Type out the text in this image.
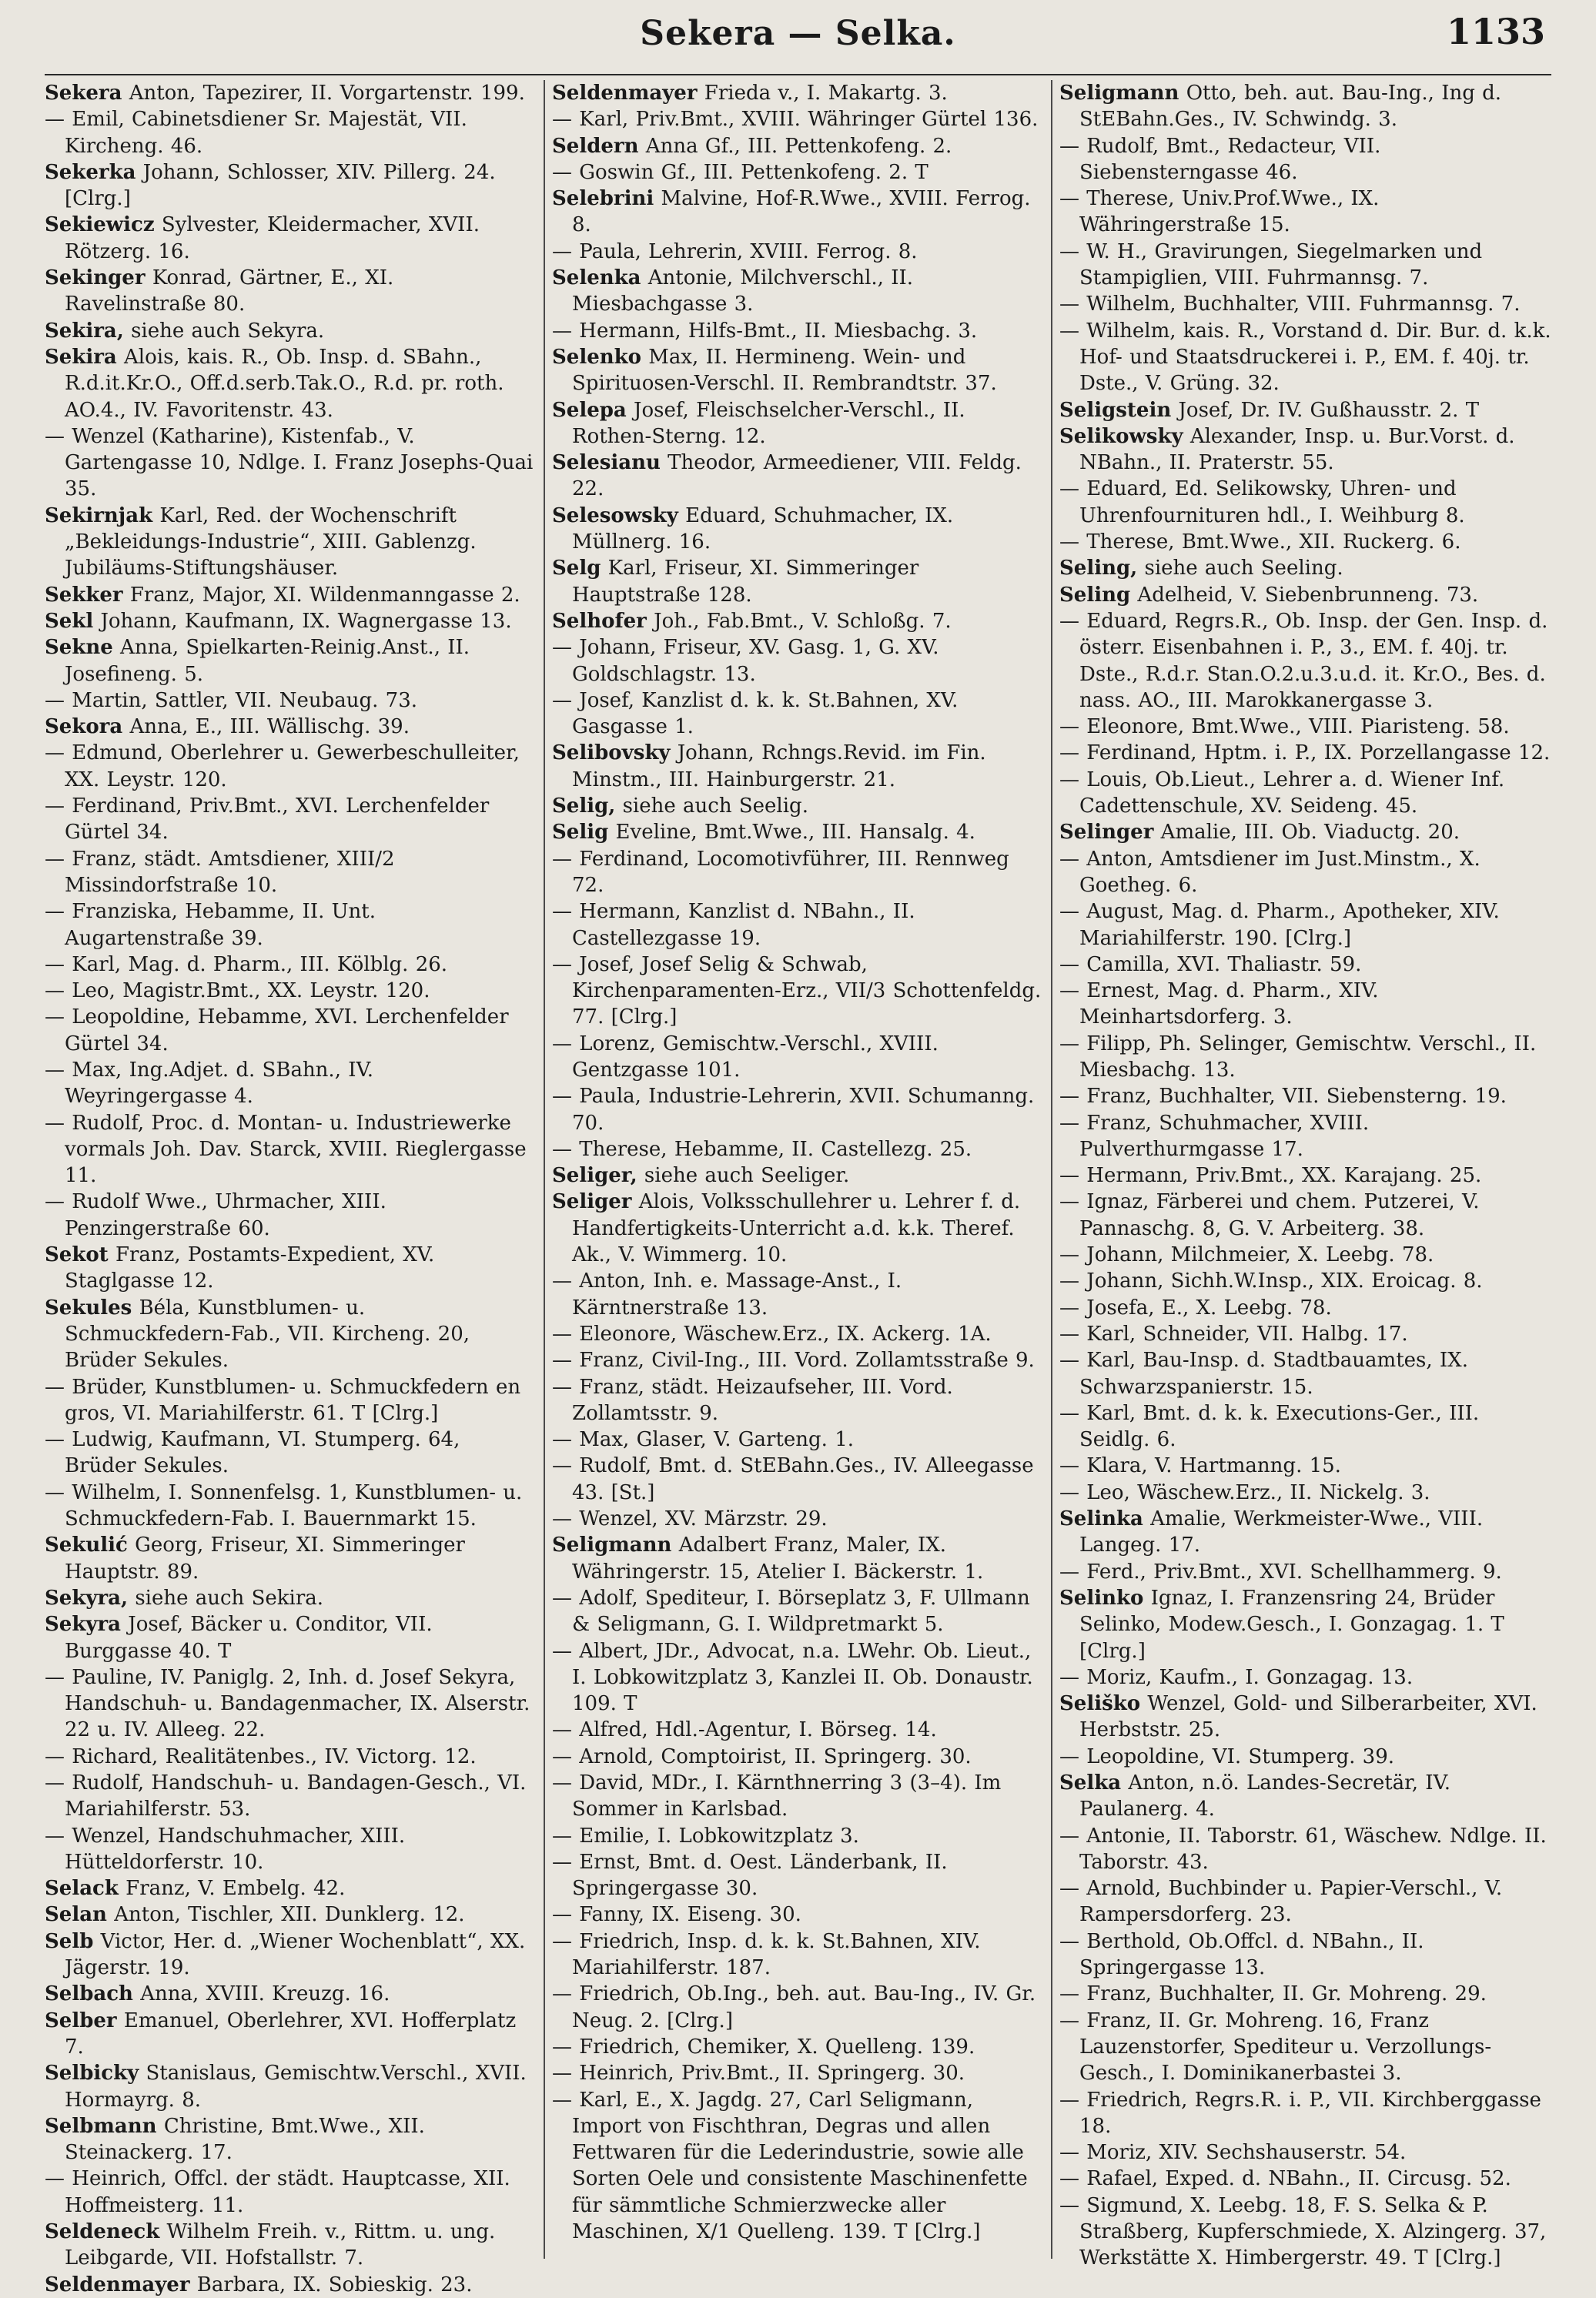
Sekera — Selka.	1133

Sekera Anton, Tapezirer, II. Vorgartenstr. 199.

— Emil, Cabinetsdiener Sr. Majestät, VII. Kircheng. 46.

Sekerka Johann, Schlosser, XIV. Pillerg. 24. [Clrg.]

Sekiewicz Sylvester, Kleidermacher, XVII. Rötzerg. 16.

Sekinger Konrad, Gärtner, E., XI. Ravelinstraße 80.

Sekira, siehe auch Sekyra.

Sekira Alois, kais. R., Ob. Insp. d. SBahn., R.d.it.Kr.O., Off.d.serb.Tak.O., R.d. pr. roth. AO.4., IV. Favoritenstr. 43.

— Wenzel (Katharine), Kistenfab., V. Gartengasse 10, Ndlge. I. Franz Josephs-Quai 35.

Sekirnjak Karl, Red. der Wochenschrift „Bekleidungs-Industrie“, XIII. Gablenzg. Jubiläums-Stiftungshäuser.

Sekker Franz, Major, XI. Wildenmanngasse 2.

Sekl Johann, Kaufmann, IX. Wagnergasse 13.

Sekne Anna, Spielkarten-Reinig.Anst., II. Josefineng. 5.

— Martin, Sattler, VII. Neubaug. 73.

Sekora Anna, E., III. Wällischg. 39.

— Edmund, Oberlehrer u. Gewerbeschulleiter, XX. Leystr. 120.

— Ferdinand, Priv.Bmt., XVI. Lerchenfelder Gürtel 34.

— Franz, städt. Amtsdiener, XIII/2 Missindorfstraße 10.

— Franziska, Hebamme, II. Unt. Augartenstraße 39.

— Karl, Mag. d. Pharm., III. Kölblg. 26.

— Leo, Magistr.Bmt., XX. Leystr. 120.

— Leopoldine, Hebamme, XVI. Lerchenfelder Gürtel 34.

— Max, Ing.Adjet. d. SBahn., IV. Weyringergasse 4.

— Rudolf, Proc. d. Montan- u. Industriewerke vormals Joh. Dav. Starck, XVIII. Rieglergasse 11.

— Rudolf Wwe., Uhrmacher, XIII. Penzingerstraße 60.

Sekot Franz, Postamts-Expedient, XV. Staglgasse 12.

Sekules Béla, Kunstblumen- u. Schmuckfedern-Fab., VII. Kircheng. 20, Brüder Sekules.

— Brüder, Kunstblumen- u. Schmuckfedern en gros, VI. Mariahilferstr. 61. T [Clrg.]

— Ludwig, Kaufmann, VI. Stumperg. 64, Brüder Sekules.

— Wilhelm, I. Sonnenfelsg. 1, Kunstblumen- u. Schmuckfedern-Fab. I. Bauernmarkt 15.

Sekulić Georg, Friseur, XI. Simmeringer Hauptstr. 89.

Sekyra, siehe auch Sekira.

Sekyra Josef, Bäcker u. Conditor, VII. Burggasse 40. T

— Pauline, IV. Paniglg. 2, Inh. d. Josef Sekyra, Handschuh- u. Bandagenmacher, IX. Alserstr. 22 u. IV. Alleeg. 22.

— Richard, Realitätenbes., IV. Victorg. 12.

— Rudolf, Handschuh- u. Bandagen-Gesch., VI. Mariahilferstr. 53.

— Wenzel, Handschuhmacher, XIII. Hütteldorferstr. 10.

Selack Franz, V. Embelg. 42.

Selan Anton, Tischler, XII. Dunklerg. 12.

Selb Victor, Her. d. „Wiener Wochenblatt“, XX. Jägerstr. 19.

Selbach Anna, XVIII. Kreuzg. 16.

Selber Emanuel, Oberlehrer, XVI. Hofferplatz 7.

Selbicky Stanislaus, Gemischtw.Verschl., XVII. Hormayrg. 8.

Selbmann Christine, Bmt.Wwe., XII. Steinackerg. 17.

— Heinrich, Offcl. der städt. Hauptcasse, XII. Hoffmeisterg. 11.

Seldeneck Wilhelm Freih. v., Rittm. u. ung. Leibgarde, VII. Hofstallstr. 7.

Seldenmayer Barbara, IX. Sobieskig. 23.

Seldenmayer Frieda v., I. Makartg. 3.

— Karl, Priv.Bmt., XVIII. Währinger Gürtel 136.

Seldern Anna Gf., III. Pettenkofeng. 2.

— Goswin Gf., III. Pettenkofeng. 2. T

Selebrini Malvine, Hof-R.Wwe., XVIII. Ferrog. 8.

— Paula, Lehrerin, XVIII. Ferrog. 8.

Selenka Antonie, Milchverschl., II. Miesbachgasse 3.

— Hermann, Hilfs-Bmt., II. Miesbachg. 3.

Selenko Max, II. Hermineng. Wein- und Spirituosen-Verschl. II. Rembrandtstr. 37.

Selepa Josef, Fleischselcher-Verschl., II. Rothen-Sterng. 12.

Selesianu Theodor, Armeediener, VIII. Feldg. 22.

Selesowsky Eduard, Schuhmacher, IX. Müllnerg. 16.

Selg Karl, Friseur, XI. Simmeringer Hauptstraße 128.

Selhofer Joh., Fab.Bmt., V. Schloßg. 7.

— Johann, Friseur, XV. Gasg. 1, G. XV. Goldschlagstr. 13.

— Josef, Kanzlist d. k. k. St.Bahnen, XV. Gasgasse 1.

Selibovsky Johann, Rchngs.Revid. im Fin. Minstm., III. Hainburgerstr. 21.

Selig, siehe auch Seelig.

Selig Eveline, Bmt.Wwe., III. Hansalg. 4.

— Ferdinand, Locomotivführer, III. Rennweg 72.

— Hermann, Kanzlist d. NBahn., II. Castellezgasse 19.

— Josef, Josef Selig & Schwab, Kirchenparamenten-Erz., VII/3 Schottenfeldg. 77. [Clrg.]

— Lorenz, Gemischtw.-Verschl., XVIII. Gentzgasse 101.

— Paula, Industrie-Lehrerin, XVII. Schumanng. 70.

— Therese, Hebamme, II. Castellezg. 25.

Seliger, siehe auch Seeliger.

Seliger Alois, Volksschullehrer u. Lehrer f. d. Handfertigkeits-Unterricht a.d. k.k. Theref. Ak., V. Wimmerg. 10.

— Anton, Inh. e. Massage-Anst., I. Kärntnerstraße 13.

— Eleonore, Wäschew.Erz., IX. Ackerg. 1A.

— Franz, Civil-Ing., III. Vord. Zollamtsstraße 9.

— Franz, städt. Heizaufseher, III. Vord. Zollamtsstr. 9.

— Max, Glaser, V. Garteng. 1.

— Rudolf, Bmt. d. StEBahn.Ges., IV. Alleegasse 43. [St.]

— Wenzel, XV. Märzstr. 29.

Seligmann Adalbert Franz, Maler, IX. Währingerstr. 15, Atelier I. Bäckerstr. 1.

— Adolf, Spediteur, I. Börseplatz 3, F. Ullmann & Seligmann, G. I. Wildpretmarkt 5.

— Albert, JDr., Advocat, n.a. LWehr. Ob. Lieut., I. Lobkowitzplatz 3, Kanzlei II. Ob. Donaustr. 109. T

— Alfred, Hdl.-Agentur, I. Börseg. 14.

— Arnold, Comptoirist, II. Springerg. 30.

— David, MDr., I. Kärnthnerring 3 (3–4). Im Sommer in Karlsbad.

— Emilie, I. Lobkowitzplatz 3.

— Ernst, Bmt. d. Oest. Länderbank, II. Springergasse 30.

— Fanny, IX. Eiseng. 30.

— Friedrich, Insp. d. k. k. St.Bahnen, XIV. Mariahilferstr. 187.

— Friedrich, Ob.Ing., beh. aut. Bau-Ing., IV. Gr. Neug. 2. [Clrg.]

— Friedrich, Chemiker, X. Quelleng. 139.

— Heinrich, Priv.Bmt., II. Springerg. 30.

— Karl, E., X. Jagdg. 27, Carl Seligmann, Import von Fischthran, Degras und allen Fettwaren für die Lederindustrie, sowie alle Sorten Oele und consistente Maschinenfette für sämmtliche Schmierzwecke aller Maschinen, X/1 Quelleng. 139. T [Clrg.]

Seligmann Otto, beh. aut. Bau-Ing., Ing d. StEBahn.Ges., IV. Schwindg. 3.

— Rudolf, Bmt., Redacteur, VII. Siebensterngasse 46.

— Therese, Univ.Prof.Wwe., IX. Währingerstraße 15.

— W. H., Gravirungen, Siegelmarken und Stampiglien, VIII. Fuhrmannsg. 7.

— Wilhelm, Buchhalter, VIII. Fuhrmannsg. 7.

— Wilhelm, kais. R., Vorstand d. Dir. Bur. d. k.k. Hof- und Staatsdruckerei i. P., EM. f. 40j. tr. Dste., V. Grüng. 32.

Seligstein Josef, Dr. IV. Gußhausstr. 2. T

Selikowsky Alexander, Insp. u. Bur.Vorst. d. NBahn., II. Praterstr. 55.

— Eduard, Ed. Selikowsky, Uhren- und Uhrenfournituren hdl., I. Weihburg 8.

— Therese, Bmt.Wwe., XII. Ruckerg. 6.

Seling, siehe auch Seeling.

Seling Adelheid, V. Siebenbrunneng. 73.

— Eduard, Regrs.R., Ob. Insp. der Gen. Insp. d. österr. Eisenbahnen i. P., 3., EM. f. 40j. tr. Dste., R.d.r. Stan.O.2.u.3.u.d. it. Kr.O., Bes. d. nass. AO., III. Marokkanergasse 3.

— Eleonore, Bmt.Wwe., VIII. Piaristeng. 58.

— Ferdinand, Hptm. i. P., IX. Porzellangasse 12.

— Louis, Ob.Lieut., Lehrer a. d. Wiener Inf. Cadettenschule, XV. Seideng. 45.

Selinger Amalie, III. Ob. Viaductg. 20.

— Anton, Amtsdiener im Just.Minstm., X. Goetheg. 6.

— August, Mag. d. Pharm., Apotheker, XIV. Mariahilferstr. 190. [Clrg.]

— Camilla, XVI. Thaliastr. 59.

— Ernest, Mag. d. Pharm., XIV. Meinhartsdorferg. 3.

— Filipp, Ph. Selinger, Gemischtw. Verschl., II. Miesbachg. 13.

— Franz, Buchhalter, VII. Siebensterng. 19.

— Franz, Schuhmacher, XVIII. Pulverthurmgasse 17.

— Hermann, Priv.Bmt., XX. Karajang. 25.

— Ignaz, Färberei und chem. Putzerei, V. Pannaschg. 8, G. V. Arbeiterg. 38.

— Johann, Milchmeier, X. Leebg. 78.

— Johann, Sichh.W.Insp., XIX. Eroicag. 8.

— Josefa, E., X. Leebg. 78.

— Karl, Schneider, VII. Halbg. 17.

— Karl, Bau-Insp. d. Stadtbauamtes, IX. Schwarzspanierstr. 15.

— Karl, Bmt. d. k. k. Executions-Ger., III. Seidlg. 6.

— Klara, V. Hartmanng. 15.

— Leo, Wäschew.Erz., II. Nickelg. 3.

Selinka Amalie, Werkmeister-Wwe., VIII. Langeg. 17.

— Ferd., Priv.Bmt., XVI. Schellhammerg. 9.

Selinko Ignaz, I. Franzensring 24, Brüder Selinko, Modew.Gesch., I. Gonzagag. 1. T [Clrg.]

— Moriz, Kaufm., I. Gonzagag. 13.

Seliško Wenzel, Gold- und Silberarbeiter, XVI. Herbststr. 25.

— Leopoldine, VI. Stumperg. 39.

Selka Anton, n.ö. Landes-Secretär, IV. Paulanerg. 4.

— Antonie, II. Taborstr. 61, Wäschew. Ndlge. II. Taborstr. 43.

— Arnold, Buchbinder u. Papier-Verschl., V. Rampersdorferg. 23.

— Berthold, Ob.Offcl. d. NBahn., II. Springergasse 13.

— Franz, Buchhalter, II. Gr. Mohreng. 29.

— Franz, II. Gr. Mohreng. 16, Franz Lauzenstorfer, Spediteur u. Verzollungs-Gesch., I. Dominikanerbastei 3.

— Friedrich, Regrs.R. i. P., VII. Kirchberggasse 18.

— Moriz, XIV. Sechshauserstr. 54.

— Rafael, Exped. d. NBahn., II. Circusg. 52.

— Sigmund, X. Leebg. 18, F. S. Selka & P. Straßberg, Kupferschmiede, X. Alzingerg. 37, Werkstätte X. Himbergerstr. 49. T [Clrg.]
